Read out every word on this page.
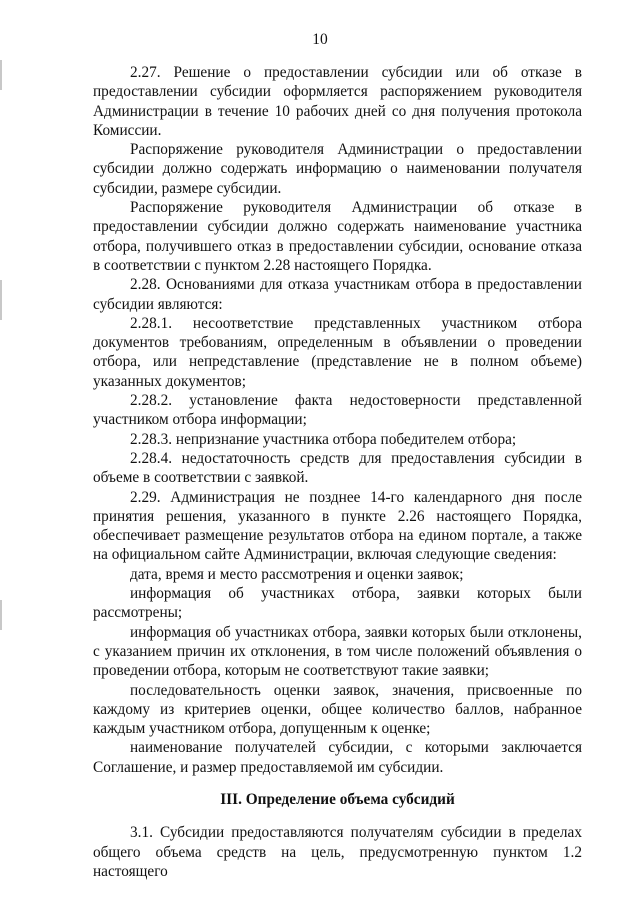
10

2.27. Решение о предоставлении субсидии или об отказе в предоставлении субсидии оформляется распоряжением руководителя Администрации в течение 10 рабочих дней со дня получения протокола Комиссии.

Распоряжение руководителя Администрации о предоставлении субсидии должно содержать информацию о наименовании получателя субсидии, размере субсидии.

Распоряжение руководителя Администрации об отказе в предоставлении субсидии должно содержать наименование участника отбора, получившего отказ в предоставлении субсидии, основание отказа в соответствии с пунктом 2.28 настоящего Порядка.

2.28. Основаниями для отказа участникам отбора в предоставлении субсидии являются:

2.28.1. несоответствие представленных участником отбора документов требованиям, определенным в объявлении о проведении отбора, или непредставление (представление не в полном объеме) указанных документов;

2.28.2. установление факта недостоверности представленной участником отбора информации;

2.28.3. непризнание участника отбора победителем отбора;

2.28.4. недостаточность средств для предоставления субсидии в объеме в соответствии с заявкой.

2.29. Администрация не позднее 14-го календарного дня после принятия решения, указанного в пункте 2.26 настоящего Порядка, обеспечивает размещение результатов отбора на едином портале, а также на официальном сайте Администрации, включая следующие сведения:

дата, время и место рассмотрения и оценки заявок;

информация об участниках отбора, заявки которых были рассмотрены;

информация об участниках отбора, заявки которых были отклонены, с указанием причин их отклонения, в том числе положений объявления о проведении отбора, которым не соответствуют такие заявки;

последовательность оценки заявок, значения, присвоенные по каждому из критериев оценки, общее количество баллов, набранное каждым участником отбора, допущенным к оценке;

наименование получателей субсидии, с которыми заключается Соглашение, и размер предоставляемой им субсидии.

III. Определение объема субсидий

3.1. Субсидии предоставляются получателям субсидии в пределах общего объема средств на цель, предусмотренную пунктом 1.2 настоящего
